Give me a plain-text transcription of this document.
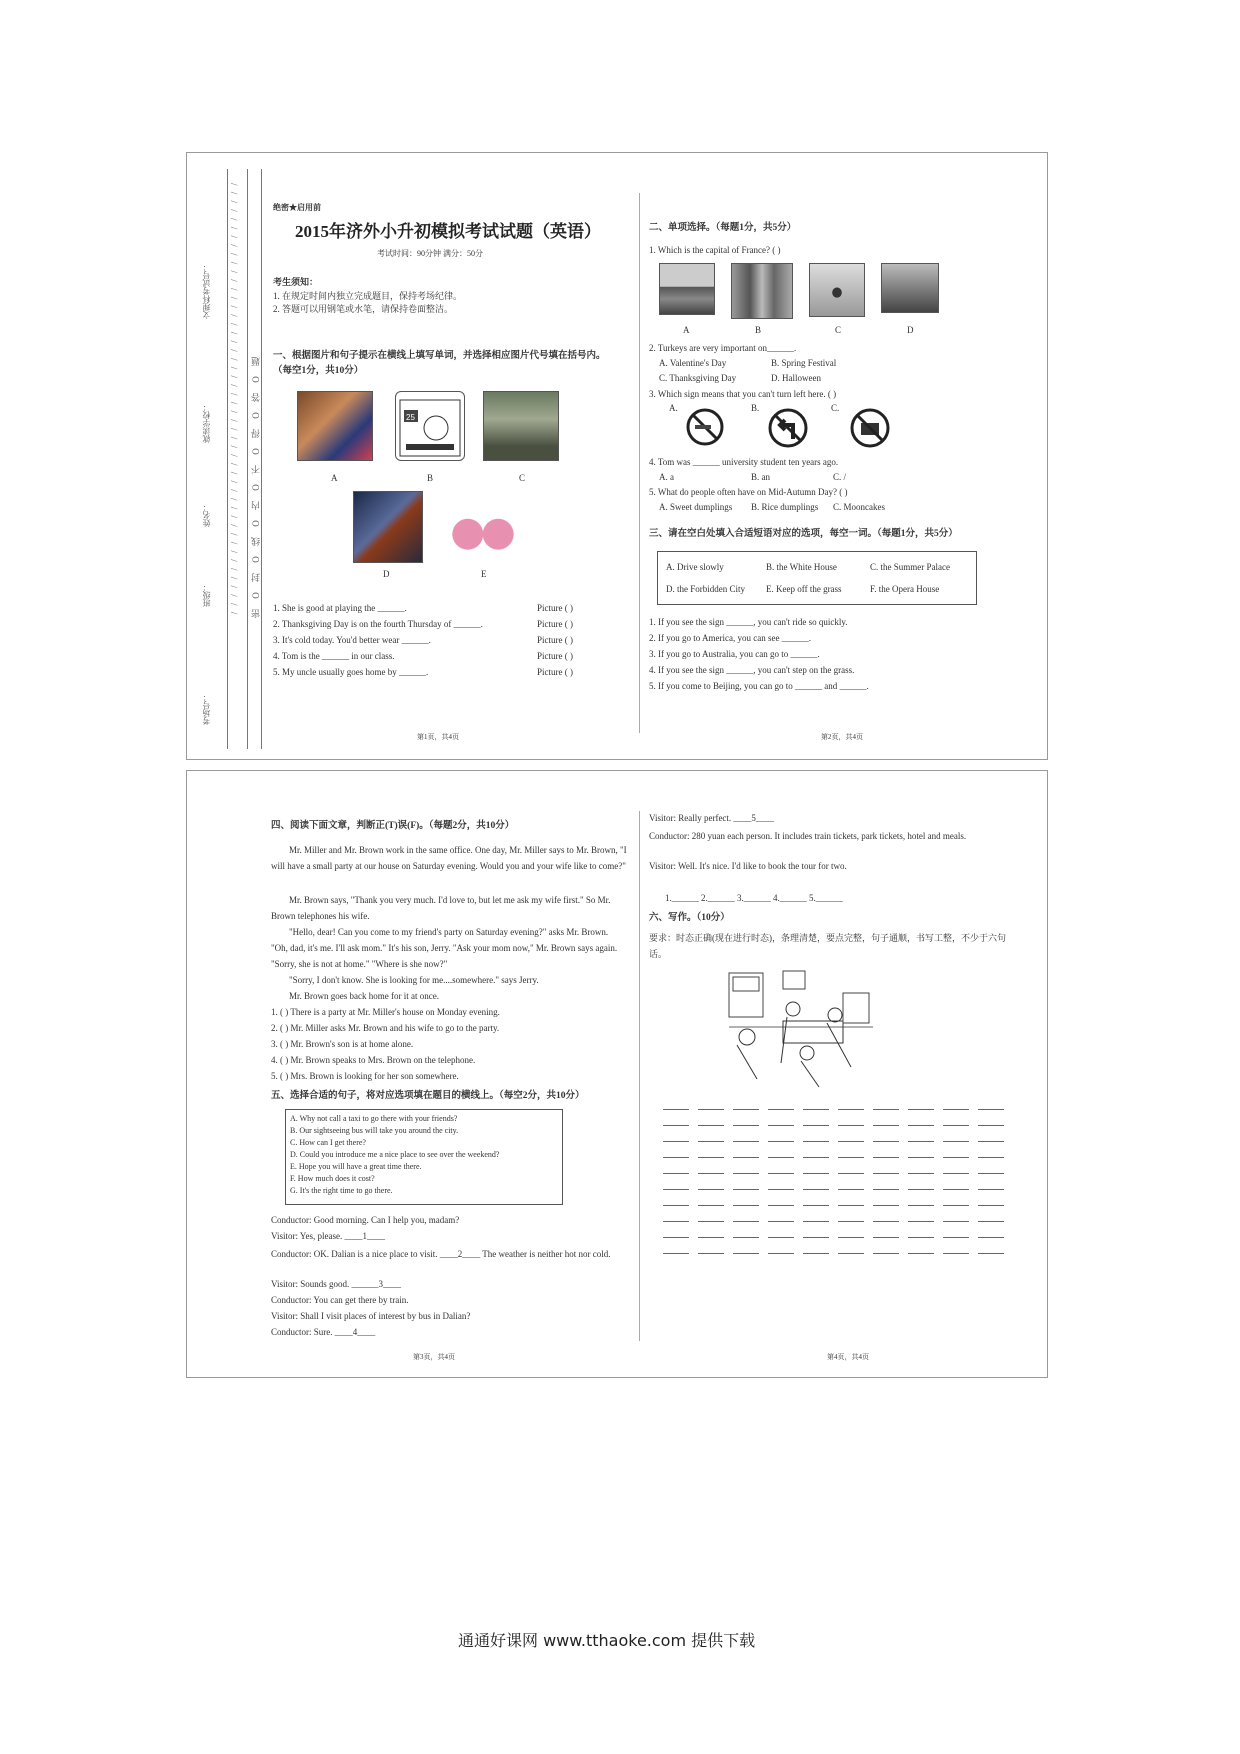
/ / / / / / / / / / / / / / / / / / / / / / / / / / / / / / / / / / / / / / / / / / / / / / / / / / 密 O 封 O 线 O 内 O 不 O 得 O 答 O 题
考场号：
班级：
姓名：
就读学校：
文理科考试号：
绝密★启用前
2015年济外小升初模拟考试试题（英语）
考试时间：90分钟 满分：50分
考生须知：
1. 在规定时间内独立完成题目，保持考场纪律。
2. 答题可以用钢笔或水笔，请保持卷面整洁。
一、根据图片和句子提示在横线上填写单词，并选择相应图片代号填在括号内。（每空1分，共10分）
25
A	B	C
D	E
1. She is good at playing the ______.	Picture ( )
2. Thanksgiving Day is on the fourth Thursday of ______.	Picture ( )
3. It's cold today. You'd better wear ______.	Picture ( )
4. Tom is the ______ in our class.	Picture ( )
5. My uncle usually goes home by ______.	Picture ( )
第1页，共4页
二、单项选择。（每题1分，共5分）
1. Which is the capital of France? ( )
A	B	C	D
2. Turkeys are very important on______.
A. Valentine's Day	B. Spring Festival
C. Thanksgiving Day	D. Halloween
3. Which sign means that you can't turn left here. ( )
A.	B.	C.
4. Tom was ______ university student ten years ago.
A. a	B. an	C. /
5. What do people often have on Mid-Autumn Day? ( )
A. Sweet dumplings B. Rice dumplings C. Mooncakes
三、请在空白处填入合适短语对应的选项，每空一词。（每题1分，共5分）
A. Drive slowly	B. the White House	C. the Summer Palace
D. the Forbidden City E. Keep off the grass	F. the Opera House
1. If you see the sign ______, you can't ride so quickly.
2. If you go to America, you can see ______.
3. If you go to Australia, you can go to ______.
4. If you see the sign ______, you can't step on the grass.
5. If you come to Beijing, you can go to ______ and ______.
第2页，共4页
四、阅读下面文章，判断正(T)误(F)。（每题2分，共10分）
Mr. Miller and Mr. Brown work in the same office. One day, Mr. Miller says to Mr. Brown, "I will have a small party at our house on Saturday evening. Would you and your wife like to come?"
Mr. Brown says, "Thank you very much. I'd love to, but let me ask my wife first." So Mr. Brown telephones his wife.
"Hello, dear! Can you come to my friend's party on Saturday evening?" asks Mr. Brown. "Oh, dad, it's me. I'll ask mom." It's his son, Jerry. "Ask your mom now," Mr. Brown says again. "Sorry, she is not at home." "Where is she now?"
"Sorry, I don't know. She is looking for me....somewhere." says Jerry.
Mr. Brown goes back home for it at once.
1. ( ) There is a party at Mr. Miller's house on Monday evening.
2. ( ) Mr. Miller asks Mr. Brown and his wife to go to the party.
3. ( ) Mr. Brown's son is at home alone.
4. ( ) Mr. Brown speaks to Mrs. Brown on the telephone.
5. ( ) Mrs. Brown is looking for her son somewhere.
五、选择合适的句子，将对应选项填在题目的横线上。（每空2分，共10分）
A. Why not call a taxi to go there with your friends?
B. Our sightseeing bus will take you around the city.
C. How can I get there?
D. Could you introduce me a nice place to see over the weekend?
E. Hope you will have a great time there.
F. How much does it cost?
G. It's the right time to go there.
Conductor: Good morning. Can I help you, madam?
Visitor: Yes, please. ____1____
Conductor: OK. Dalian is a nice place to visit. ____2____ The weather is neither hot nor cold.
Visitor: Sounds good. ______3____
Conductor: You can get there by train.
Visitor: Shall I visit places of interest by bus in Dalian?
Conductor: Sure. ____4____
第3页，共4页
Visitor: Really perfect. ____5____
Conductor: 280 yuan each person. It includes train tickets, park tickets, hotel and meals.
Visitor: Well. It's nice. I'd like to book the tour for two.
1.______ 2.______ 3.______ 4.______ 5.______
六、写作。（10分）
要求：时态正确(现在进行时态)，条理清楚，要点完整，句子通顺，书写工整，不少于六句话。
第4页，共4页
通通好课网 www.tthaoke.com 提供下载
